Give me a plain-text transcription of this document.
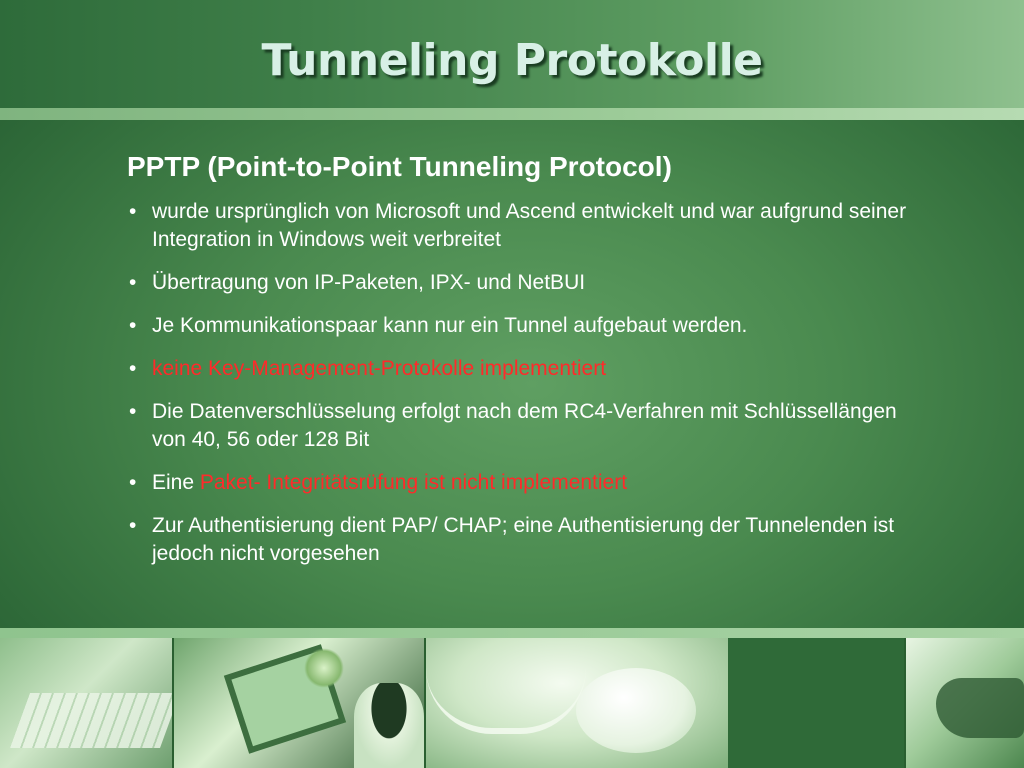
Tunneling Protokolle
PPTP (Point-to-Point Tunneling Protocol)
• wurde ursprünglich von Microsoft und Ascend entwickelt und war aufgrund seiner Integration in Windows weit verbreitet
• Übertragung von IP-Paketen, IPX- und NetBUI
• Je Kommunikationspaar kann nur ein Tunnel aufgebaut werden.
• keine Key-Management-Protokolle implementiert
• Die Datenverschlüsselung erfolgt nach dem RC4-Verfahren mit Schlüssellängen von 40, 56 oder 128 Bit
• Eine Paket- Integritätsrüfung ist nicht implementiert
• Zur Authentisierung dient PAP/ CHAP; eine Authentisierung der Tunnelenden ist jedoch nicht vorgesehen
